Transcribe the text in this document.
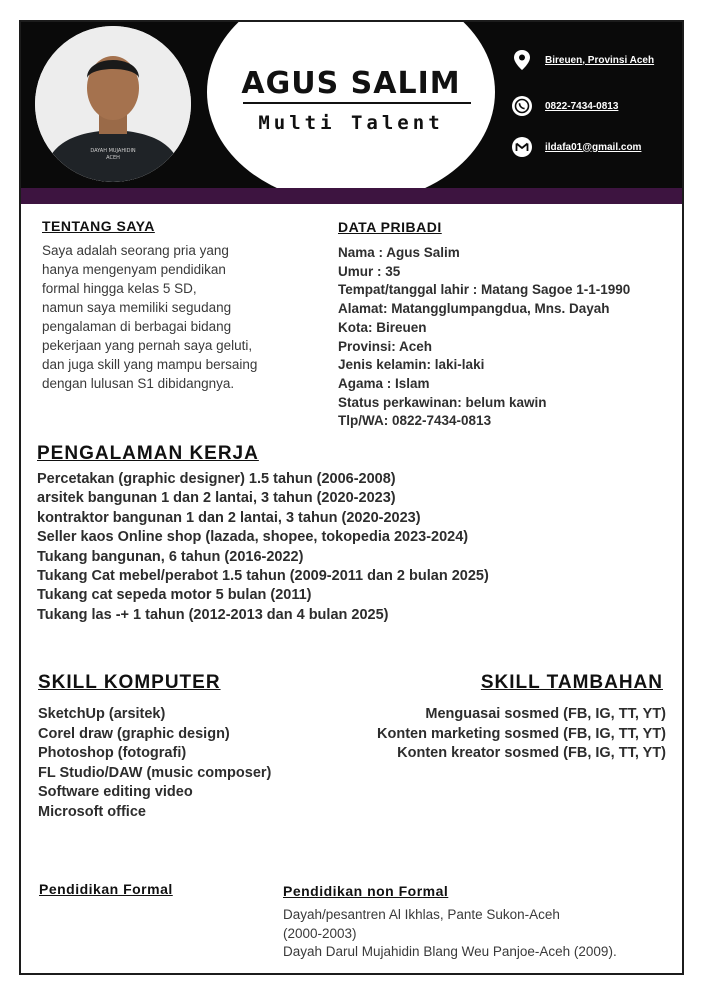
DAYAH MUJAHIDIN
ACEH
AGUS SALIM
Multi Talent
Bireuen, Provinsi Aceh
0822-7434-0813
ildafa01@gmail.com
TENTANG SAYA
Saya adalah seorang pria yang
hanya mengenyam pendidikan
formal hingga kelas 5 SD,
namun saya memiliki segudang
pengalaman di berbagai bidang
pekerjaan yang pernah saya geluti,
dan juga skill yang mampu bersaing
dengan lulusan S1 dibidangnya.
DATA PRIBADI
Nama : Agus Salim
Umur : 35
Tempat/tanggal lahir : Matang Sagoe 1-1-1990
Alamat: Matangglumpangdua, Mns. Dayah
Kota: Bireuen
Provinsi: Aceh
Jenis kelamin: laki-laki
Agama : Islam
Status perkawinan: belum kawin
Tlp/WA: 0822-7434-0813
PENGALAMAN KERJA
Percetakan (graphic designer) 1.5 tahun (2006-2008)
arsitek bangunan 1 dan 2 lantai, 3 tahun (2020-2023)
kontraktor bangunan 1 dan 2 lantai, 3 tahun (2020-2023)
Seller kaos Online shop (lazada, shopee, tokopedia 2023-2024)
Tukang bangunan, 6 tahun (2016-2022)
Tukang Cat mebel/perabot 1.5 tahun (2009-2011 dan 2 bulan 2025)
Tukang cat sepeda motor 5 bulan (2011)
Tukang las -+ 1 tahun (2012-2013 dan 4 bulan 2025)
SKILL KOMPUTER
SketchUp (arsitek)
Corel draw (graphic design)
Photoshop (fotografi)
FL Studio/DAW (music composer)
Software editing video
Microsoft office
SKILL TAMBAHAN
Menguasai sosmed (FB, IG, TT, YT)
Konten marketing sosmed (FB, IG, TT, YT)
Konten kreator sosmed (FB, IG, TT, YT)
Pendidikan Formal	Pendidikan non Formal
Dayah/pesantren Al Ikhlas, Pante Sukon-Aceh
(2000-2003)
Dayah Darul Mujahidin Blang Weu Panjoe-Aceh (2009).
